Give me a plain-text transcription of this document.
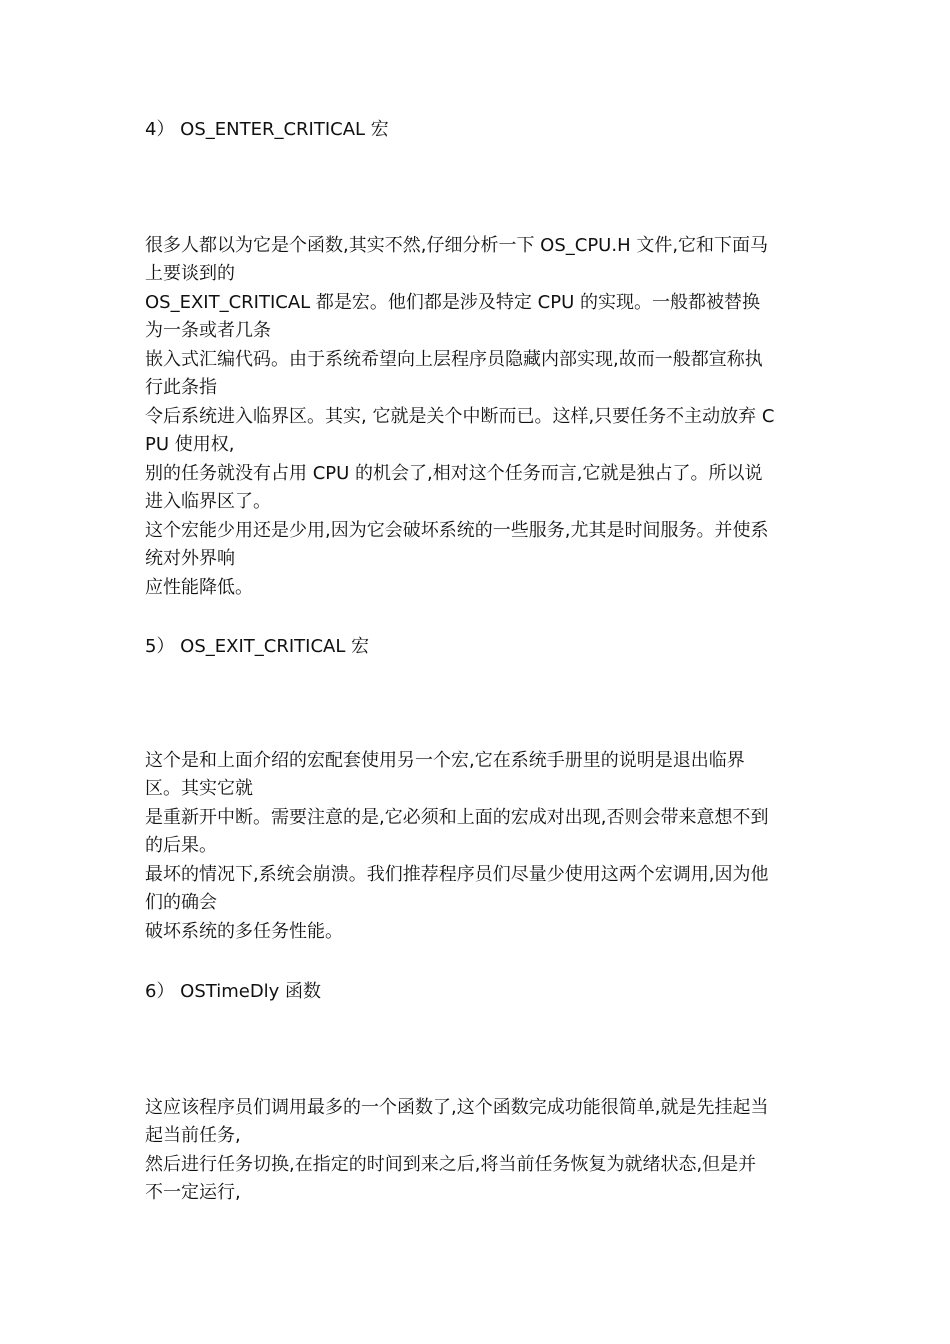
4） OS_ENTER_CRITICAL 宏
很多人都以为它是个函数,其实不然,仔细分析一下 OS_CPU.H 文件,它和下面马
上要谈到的
OS_EXIT_CRITICAL 都是宏。他们都是涉及特定 CPU 的实现。一般都被替换
为一条或者几条
嵌入式汇编代码。由于系统希望向上层程序员隐藏内部实现,故而一般都宣称执
行此条指
令后系统进入临界区。其实, 它就是关个中断而已。这样,只要任务不主动放弃 C
PU 使用权,
别的任务就没有占用 CPU 的机会了,相对这个任务而言,它就是独占了。所以说
进入临界区了。
这个宏能少用还是少用,因为它会破坏系统的一些服务,尤其是时间服务。并使系
统对外界响
应性能降低。
5） OS_EXIT_CRITICAL 宏
这个是和上面介绍的宏配套使用另一个宏,它在系统手册里的说明是退出临界
区。其实它就
是重新开中断。需要注意的是,它必须和上面的宏成对出现,否则会带来意想不到
的后果。
最坏的情况下,系统会崩溃。我们推荐程序员们尽量少使用这两个宏调用,因为他
们的确会
破坏系统的多任务性能。
6） OSTimeDly 函数
这应该程序员们调用最多的一个函数了,这个函数完成功能很简单,就是先挂起当
起当前任务,
然后进行任务切换,在指定的时间到来之后,将当前任务恢复为就绪状态,但是并
不一定运行,
